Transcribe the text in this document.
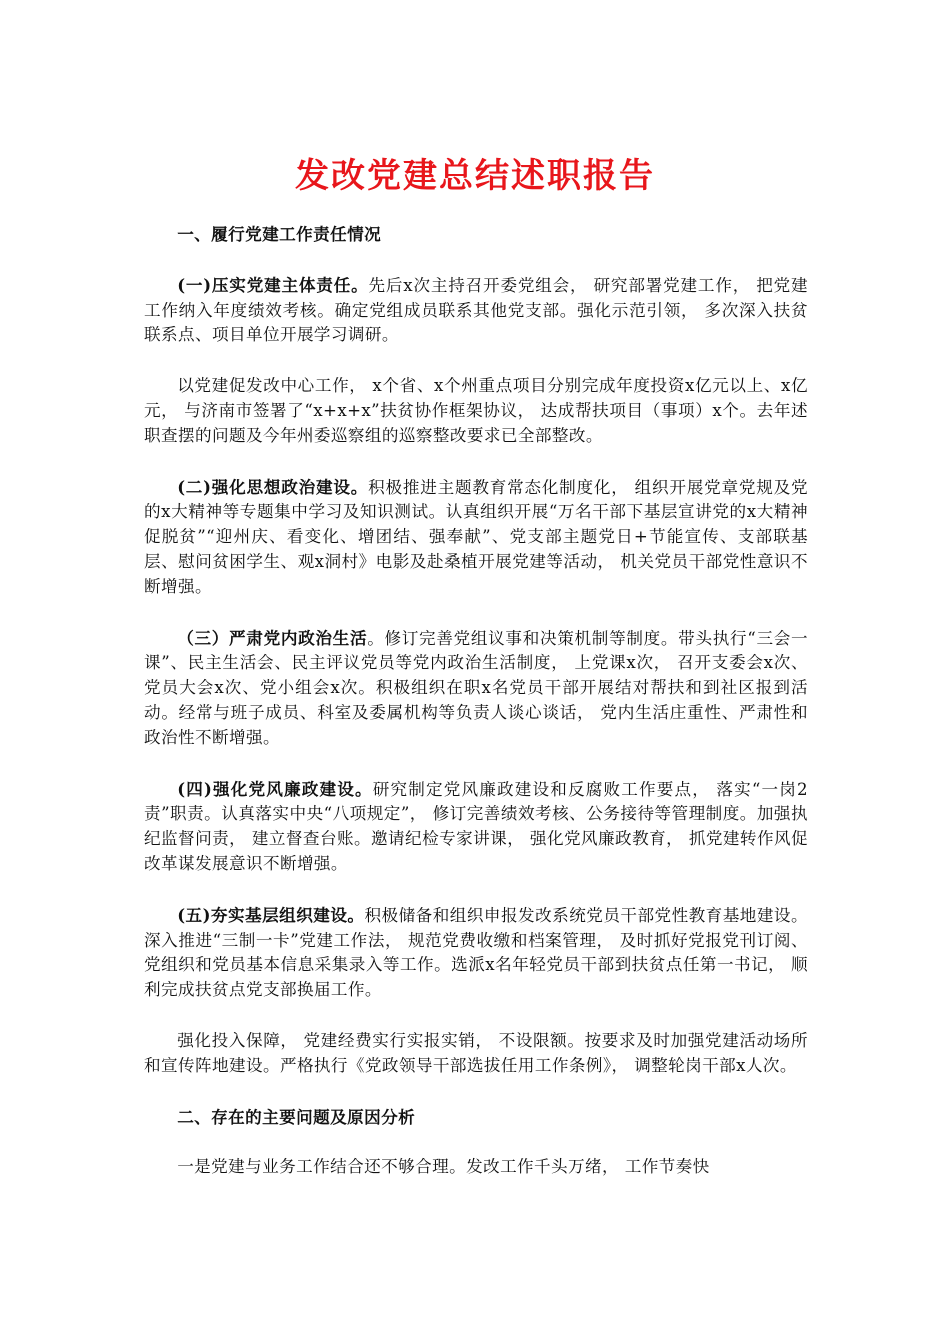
发改党建总结述职报告
一、履行党建工作责任情况

(一)压实党建主体责任。先后x次主持召开委党组会， 研究部署党建工作， 把党建工作纳入年度绩效考核。确定党组成员联系其他党支部。强化示范引领， 多次深入扶贫联系点、项目单位开展学习调研。

以党建促发改中心工作， x个省、x个州重点项目分别完成年度投资x亿元以上、x亿元， 与济南市签署了“x+x+x”扶贫协作框架协议， 达成帮扶项目（事项）x个。去年述职查摆的问题及今年州委巡察组的巡察整改要求已全部整改。

(二)强化思想政治建设。积极推进主题教育常态化制度化， 组织开展党章党规及党的x大精神等专题集中学习及知识测试。认真组织开展“万名干部下基层宣讲党的x大精神促脱贫”“迎州庆、看变化、增团结、强奉献”、党支部主题党日+节能宣传、支部联基层、慰问贫困学生、观x洞村》电影及赴桑植开展党建等活动， 机关党员干部党性意识不断增强。

（三）严肃党内政治生活。修订完善党组议事和决策机制等制度。带头执行“三会一课”、民主生活会、民主评议党员等党内政治生活制度， 上党课x次， 召开支委会x次、党员大会x次、党小组会x次。积极组织在职x名党员干部开展结对帮扶和到社区报到活动。经常与班子成员、科室及委属机构等负责人谈心谈话， 党内生活庄重性、严肃性和政治性不断增强。

(四)强化党风廉政建设。研究制定党风廉政建设和反腐败工作要点， 落实“一岗2责”职责。认真落实中央“八项规定”， 修订完善绩效考核、公务接待等管理制度。加强执纪监督问责， 建立督查台账。邀请纪检专家讲课， 强化党风廉政教育， 抓党建转作风促改革谋发展意识不断增强。

(五)夯实基层组织建设。积极储备和组织申报发改系统党员干部党性教育基地建设。深入推进“三制一卡”党建工作法， 规范党费收缴和档案管理， 及时抓好党报党刊订阅、党组织和党员基本信息采集录入等工作。选派x名年轻党员干部到扶贫点任第一书记， 顺利完成扶贫点党支部换届工作。

强化投入保障， 党建经费实行实报实销， 不设限额。按要求及时加强党建活动场所和宣传阵地建设。严格执行《党政领导干部选拔任用工作条例》， 调整轮岗干部x人次。

二、存在的主要问题及原因分析

一是党建与业务工作结合还不够合理。发改工作千头万绪， 工作节奏快
